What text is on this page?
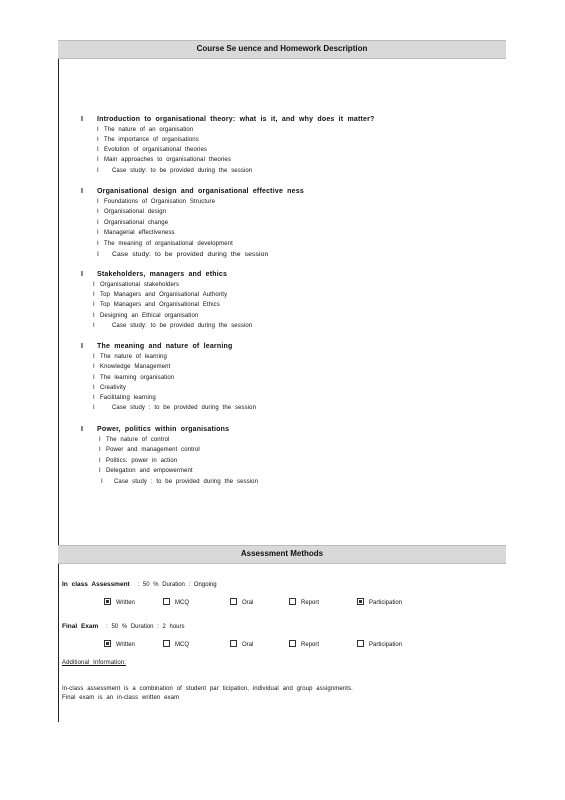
Course Se uence and Homework Description
I Introduction to organisational theory: what is it, and why does it matter?
I The nature of an organisation
I The importance of organisations
I Evolution of organisational theories
I Main approaches to organisational theories
I Case study: to be provided during the session
I Organisational design and organisational effective ness
I Foundations of Organisation Structure
I Organisational design
I Organisational change
I Managerial effectiveness
I The meaning of organisational development
I Case study: to be provided during the session
I Stakeholders, managers and ethics
I Organisational stakeholders
I Top Managers and Organisational Authority
I Top Managers and Organisational Ethics
I Designing an Ethical organisation
I	Case study: to be provided during the session
I The meaning and nature of learning
I The nature of learning
I Knowledge Management
I The learning organisation
I Creativity
I Facilitating learning
I	Case study : to be provided during the session
I Power, politics within organisations
I The nature of control
I Power and management control
I Politics: power in action
I Delegation and empowerment
I Case study : to be provided during the session
Assessment Methods
In class Assessment : 50 % Duration : Ongoing
Written	MCQ	Oral	Report	Participation
Final Exam : 50 % Duration : 2 hours
Written	MCQ	Oral	Report	Participation
Additional Information:
In-class assessment is a combination of student par ticipation, individual and group assignments.
Final exam is an in-class written exam
